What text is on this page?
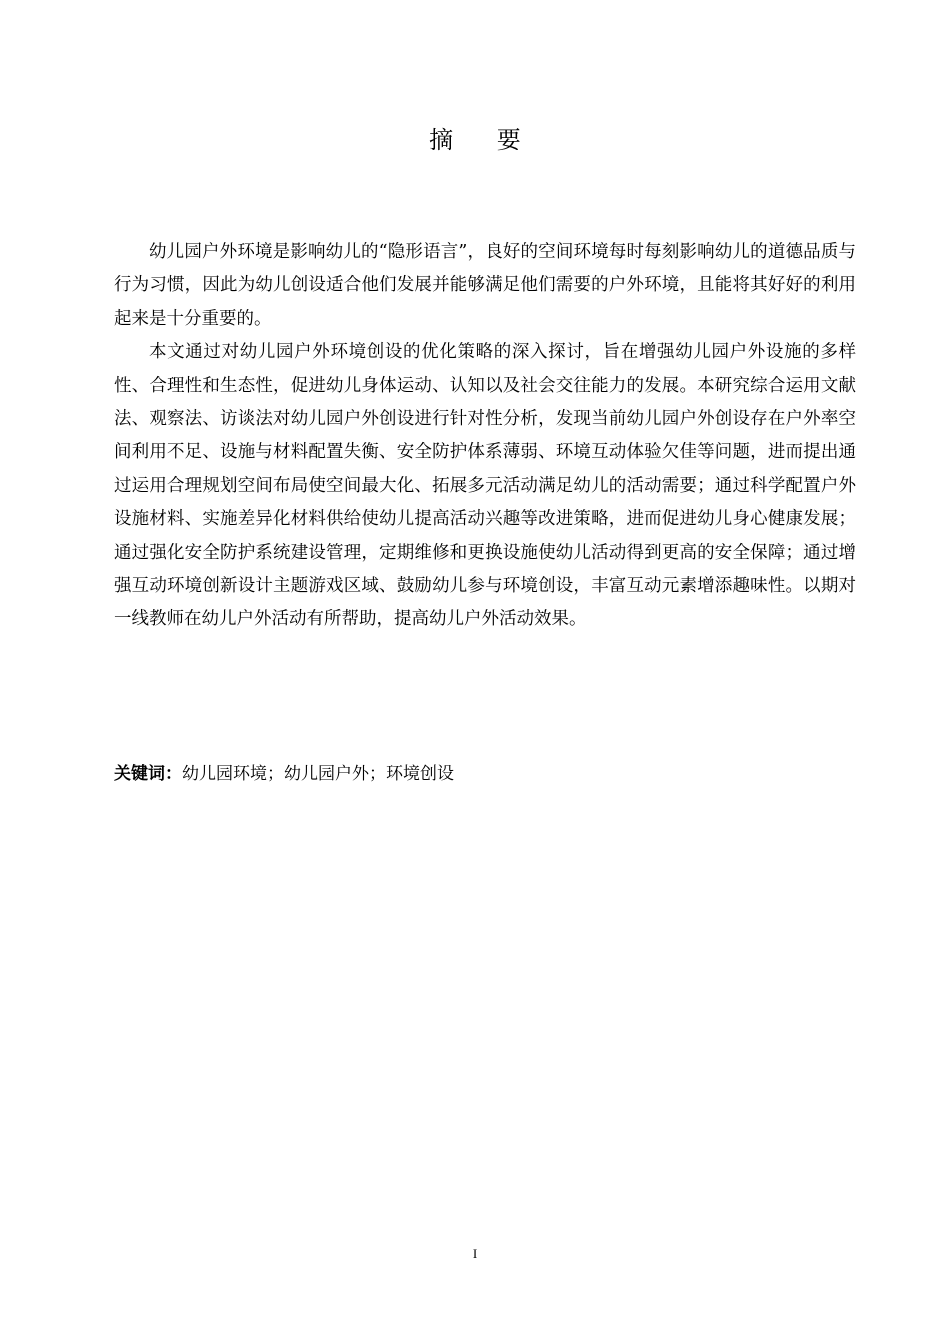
摘 要

幼儿园户外环境是影响幼儿的“隐形语言”，良好的空间环境每时每刻影响幼儿的道德品质与行为习惯，因此为幼儿创设适合他们发展并能够满足他们需要的户外环境，且能将其好好的利用起来是十分重要的。

本文通过对幼儿园户外环境创设的优化策略的深入探讨，旨在增强幼儿园户外设施的多样性、合理性和生态性，促进幼儿身体运动、认知以及社会交往能力的发展。本研究综合运用文献法、观察法、访谈法对幼儿园户外创设进行针对性分析，发现当前幼儿园户外创设存在户外率空间利用不足、设施与材料配置失衡、安全防护体系薄弱、环境互动体验欠佳等问题，进而提出通过运用合理规划空间布局使空间最大化、拓展多元活动满足幼儿的活动需要；通过科学配置户外设施材料、实施差异化材料供给使幼儿提高活动兴趣等改进策略，进而促进幼儿身心健康发展；通过强化安全防护系统建设管理，定期维修和更换设施使幼儿活动得到更高的安全保障；通过增强互动环境创新设计主题游戏区域、鼓励幼儿参与环境创设，丰富互动元素增添趣味性。以期对一线教师在幼儿户外活动有所帮助，提高幼儿户外活动效果。

关键词：幼儿园环境；幼儿园户外；环境创设
I
